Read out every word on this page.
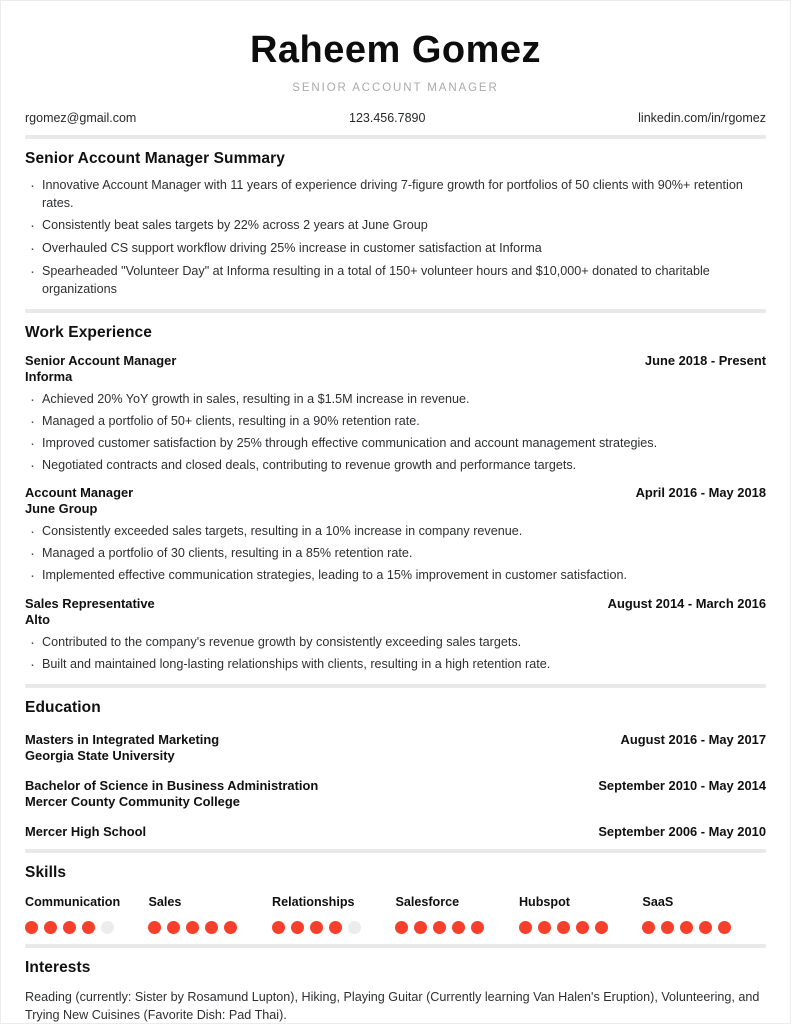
Raheem Gomez
SENIOR ACCOUNT MANAGER
rgomez@gmail.com	123.456.7890	linkedin.com/in/rgomez
Senior Account Manager Summary
· Innovative Account Manager with 11 years of experience driving 7-figure growth for portfolios of 50 clients with 90%+ retention rates.
· Consistently beat sales targets by 22% across 2 years at June Group
· Overhauled CS support workflow driving 25% increase in customer satisfaction at Informa
· Spearheaded "Volunteer Day" at Informa resulting in a total of 150+ volunteer hours and $10,000+ donated to charitable organizations
Work Experience
Senior Account Manager	June 2018 - Present
Informa
· Achieved 20% YoY growth in sales, resulting in a $1.5M increase in revenue.
· Managed a portfolio of 50+ clients, resulting in a 90% retention rate.
· Improved customer satisfaction by 25% through effective communication and account management strategies.
· Negotiated contracts and closed deals, contributing to revenue growth and performance targets.
Account Manager	April 2016 - May 2018
June Group
· Consistently exceeded sales targets, resulting in a 10% increase in company revenue.
· Managed a portfolio of 30 clients, resulting in a 85% retention rate.
· Implemented effective communication strategies, leading to a 15% improvement in customer satisfaction.
Sales Representative	August 2014 - March 2016
Alto
· Contributed to the company's revenue growth by consistently exceeding sales targets.
· Built and maintained long-lasting relationships with clients, resulting in a high retention rate.
Education
Masters in Integrated Marketing	August 2016 - May 2017
Georgia State University
Bachelor of Science in Business Administration	September 2010 - May 2014
Mercer County Community College
Mercer High School	September 2006 - May 2010
Skills
Communication	Sales	Relationships	Salesforce	Hubspot	SaaS
Interests
Reading (currently: Sister by Rosamund Lupton), Hiking, Playing Guitar (Currently learning Van Halen's Eruption), Volunteering, and Trying New Cuisines (Favorite Dish: Pad Thai).
